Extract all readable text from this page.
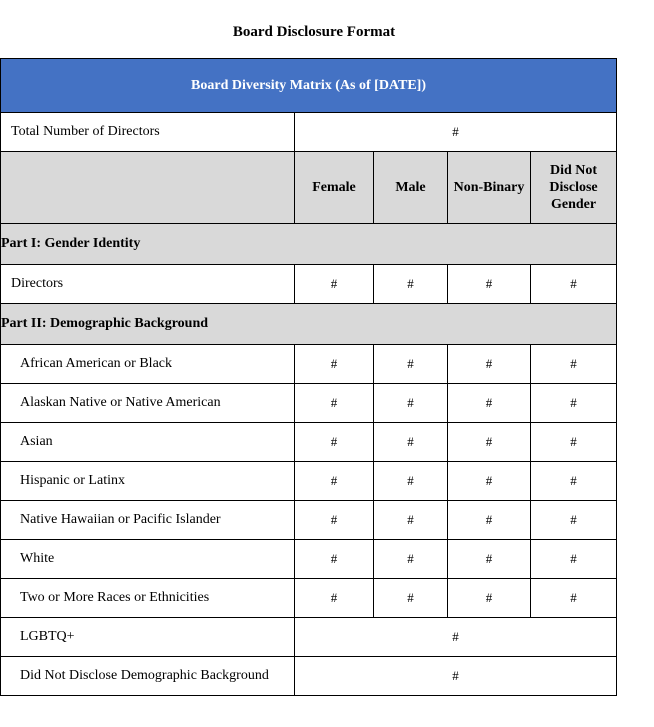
Board Disclosure Format
Board Diversity Matrix (As of [DATE])				
Total Number of Directors	#			
	Female	Male	Non-Binary	Did Not Disclose Gender
Part I: Gender Identity				
Directors	#	#	#	#
Part II: Demographic Background				
African American or Black	#	#	#	#
Alaskan Native or Native American	#	#	#	#
Asian	#	#	#	#
Hispanic or Latinx	#	#	#	#
Native Hawaiian or Pacific Islander	#	#	#	#
White	#	#	#	#
Two or More Races or Ethnicities	#	#	#	#
LGBTQ+	#			
Did Not Disclose Demographic Background	#			
